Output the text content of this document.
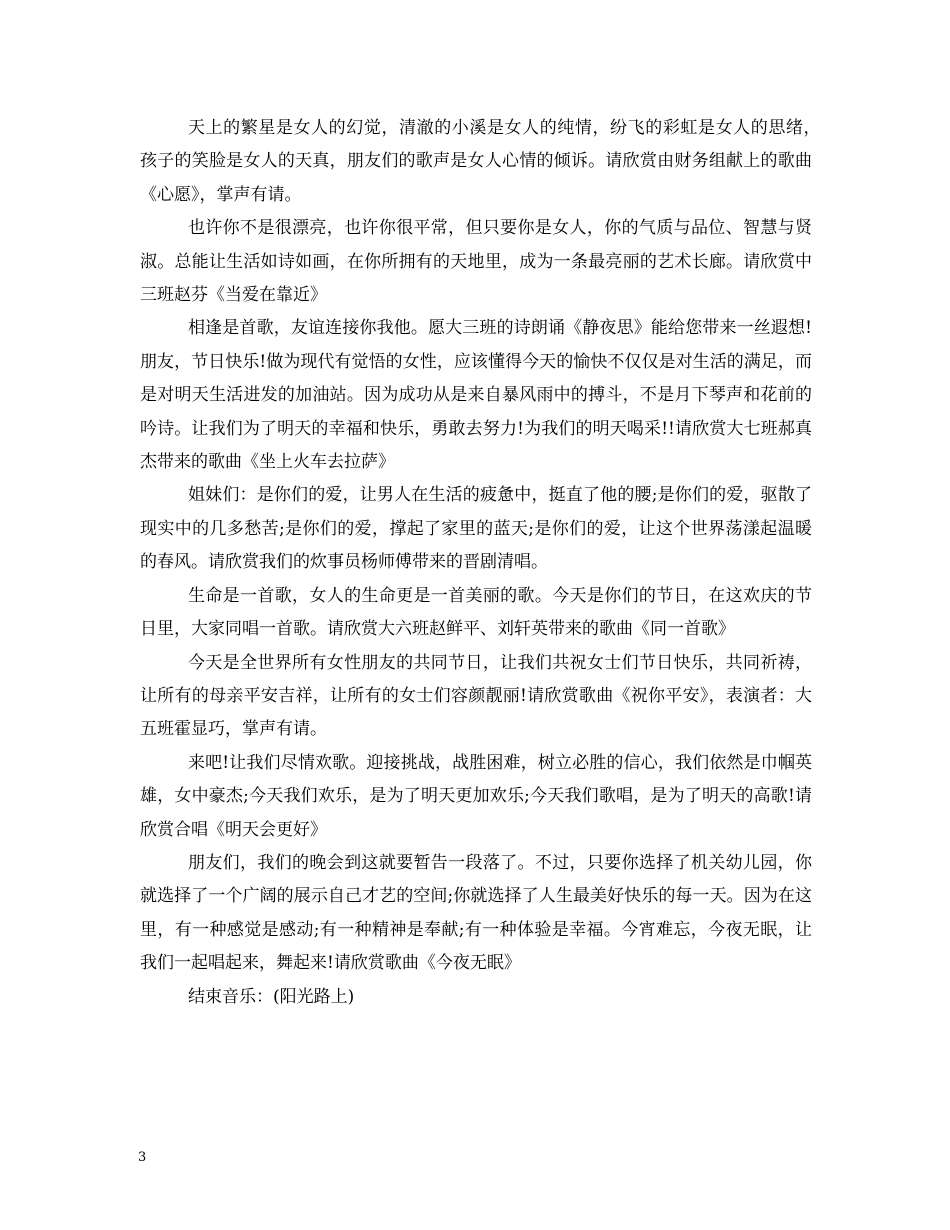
天上的繁星是女人的幻觉，清澈的小溪是女人的纯情，纷飞的彩虹是女人的思绪，　 孩子的笑脸是女人的天真，朋友们的歌声是女人心情的倾诉。请欣赏由财务组献上的歌曲《心愿》，掌声有请。

也许你不是很漂亮，也许你很平常，但只要你是女人，你的气质与品位、智慧与贤淑。总能让生活如诗如画，在你所拥有的天地里，成为一条最亮丽的艺术长廊。请欣赏中三班赵芬《当爱在靠近》

相逢是首歌，友谊连接你我他。愿大三班的诗朗诵《静夜思》能给您带来一丝遐想!朋友，节日快乐!做为现代有觉悟的女性，应该懂得今天的愉快不仅仅是对生活的满足，而是对明天生活进发的加油站。因为成功从是来自暴风雨中的搏斗，不是月下琴声和花前的吟诗。让我们为了明天的幸福和快乐，勇敢去努力!为我们的明天喝采!!请欣赏大七班郝真杰带来的歌曲《坐上火车去拉萨》

姐妹们：是你们的爱，让男人在生活的疲惫中，挺直了他的腰;是你们的爱，驱散了现实中的几多愁苦;是你们的爱，撑起了家里的蓝天;是你们的爱，让这个世界荡漾起温暖的春风。请欣赏我们的炊事员杨师傅带来的晋剧清唱。

生命是一首歌，女人的生命更是一首美丽的歌。今天是你们的节日，在这欢庆的节日里，大家同唱一首歌。请欣赏大六班赵鲜平、刘轩英带来的歌曲《同一首歌》

今天是全世界所有女性朋友的共同节日，让我们共祝女士们节日快乐，共同祈祷，让所有的母亲平安吉祥，让所有的女士们容颜靓丽!请欣赏歌曲《祝你平安》，表演者：大五班霍显巧，掌声有请。

来吧!让我们尽情欢歌。迎接挑战，战胜困难，树立必胜的信心，我们依然是巾帼英雄，女中豪杰;今天我们欢乐，是为了明天更加欢乐;今天我们歌唱，是为了明天的高歌!请欣赏合唱《明天会更好》

朋友们，我们的晚会到这就要暂告一段落了。不过，只要你选择了机关幼儿园，你就选择了一个广阔的展示自己才艺的空间;你就选择了人生最美好快乐的每一天。因为在这里，有一种感觉是感动;有一种精神是奉献;有一种体验是幸福。今宵难忘，今夜无眠，让我们一起唱起来，舞起来!请欣赏歌曲《今夜无眠》

结束音乐：(阳光路上)

3
